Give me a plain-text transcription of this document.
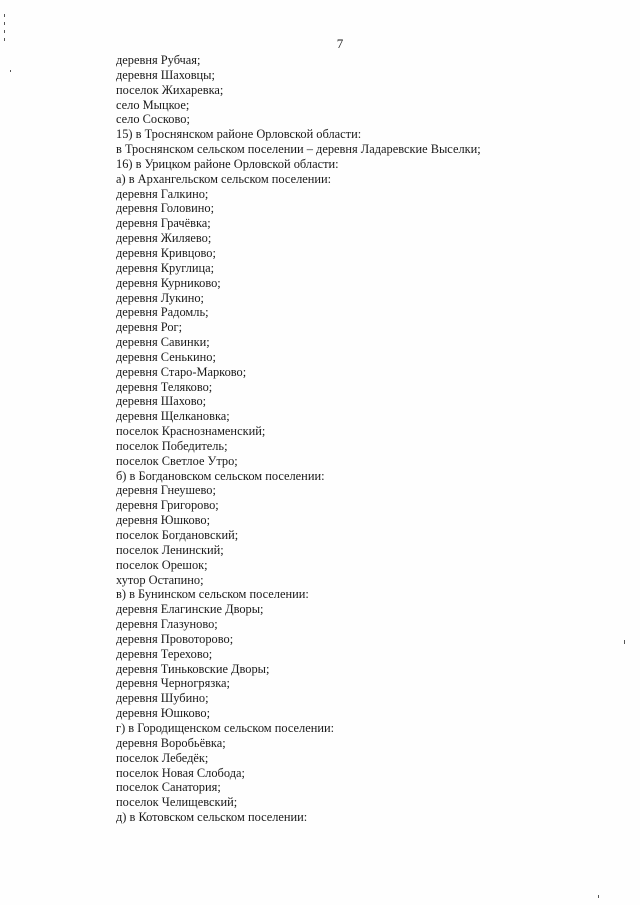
7
деревня Рубчая;
деревня Шаховцы;
поселок Жихаревка;
село Мыцкое;
село Сосково;
15) в Троснянском районе Орловской области:
в Троснянском сельском поселении – деревня Ладаревские Выселки;
16) в Урицком районе Орловской области:
а) в Архангельском сельском поселении:
деревня Галкино;
деревня Головино;
деревня Грачёвка;
деревня Жиляево;
деревня Кривцово;
деревня Круглица;
деревня Курниково;
деревня Лукино;
деревня Радомль;
деревня Рог;
деревня Савинки;
деревня Сенькино;
деревня Старо-Марково;
деревня Теляково;
деревня Шахово;
деревня Щелкановка;
поселок Краснознаменский;
поселок Победитель;
поселок Светлое Утро;
б) в Богдановском сельском поселении:
деревня Гнеушево;
деревня Григорово;
деревня Юшково;
поселок Богдановский;
поселок Ленинский;
поселок Орешок;
хутор Остапино;
в) в Бунинском сельском поселении:
деревня Елагинские Дворы;
деревня Глазуново;
деревня Провоторово;
деревня Терехово;
деревня Тиньковские Дворы;
деревня Черногрязка;
деревня Шубино;
деревня Юшково;
г) в Городищенском сельском поселении:
деревня Воробьёвка;
поселок Лебедёк;
поселок Новая Слобода;
поселок Санатория;
поселок Челищевский;
д) в Котовском сельском поселении:
